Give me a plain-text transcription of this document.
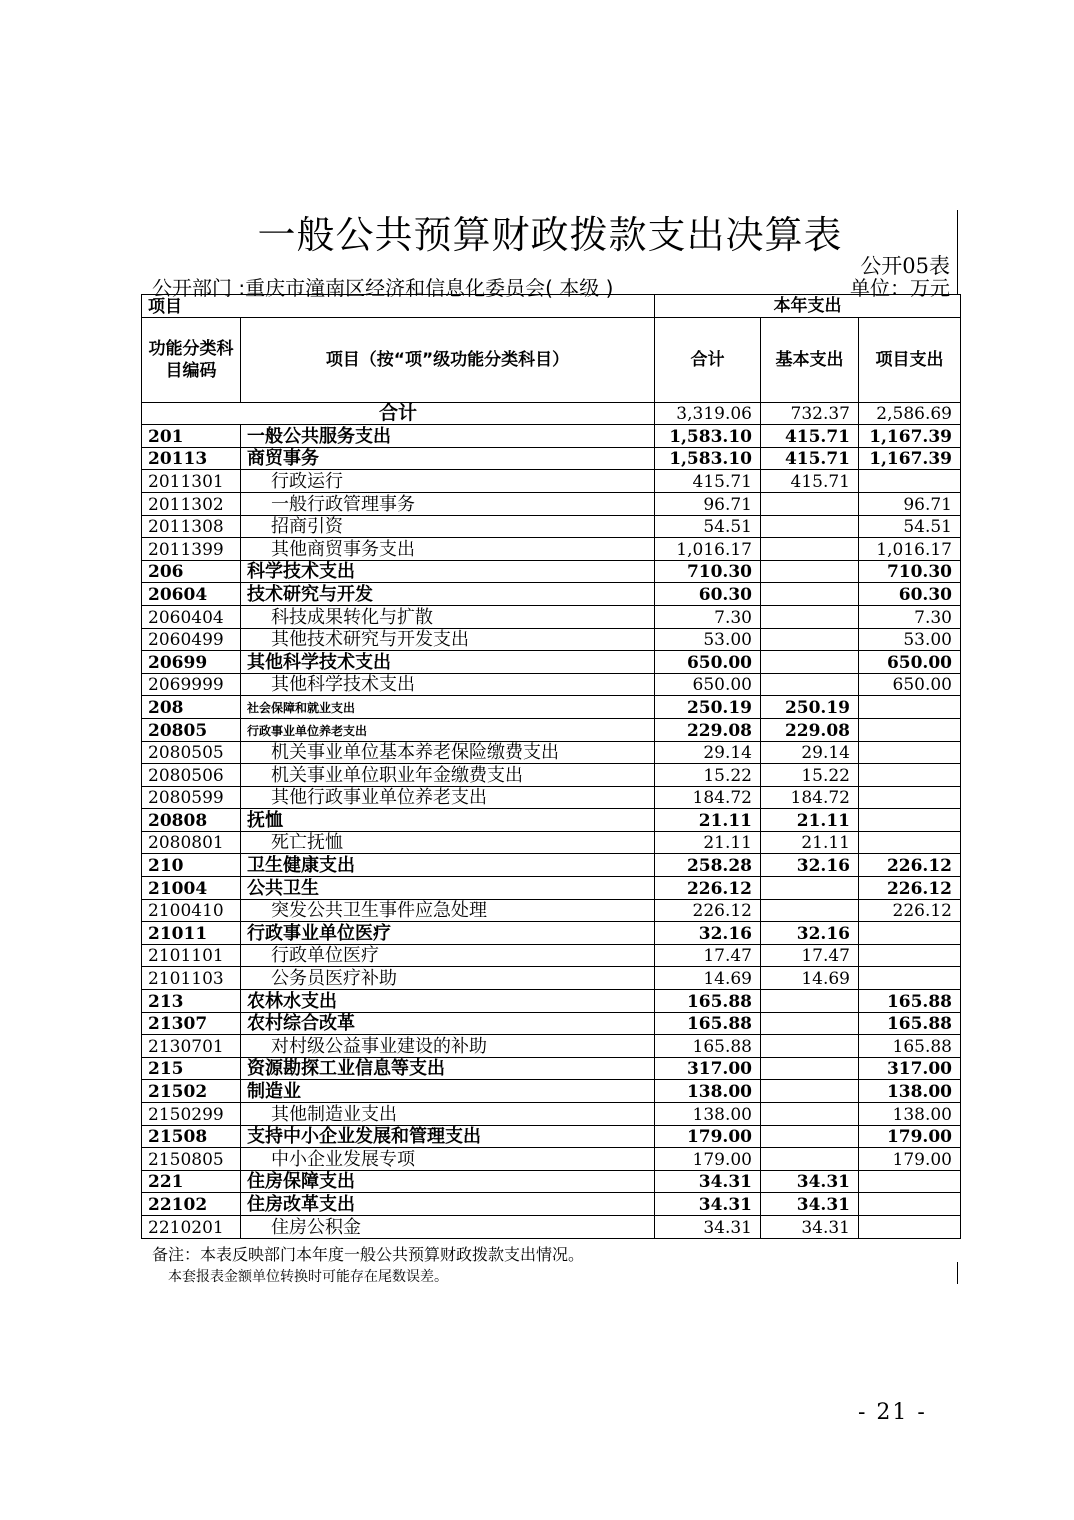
一般公共预算财政拨款支出决算表
公开05表
公开部门 :重庆市潼南区经济和信息化委员会( 本级 )	单位：万元
项目		本年支出		
功能分类科目编码	项目（按“项”级功能分类科目）	合计	基本支出	项目支出
合计		3,319.06	732.37	2,586.69
201	一般公共服务支出	1,583.10	415.71	1,167.39
20113	商贸事务	1,583.10	415.71	1,167.39
2011301	行政运行	415.71	415.71	
2011302	一般行政管理事务	96.71		96.71
2011308	招商引资	54.51		54.51
2011399	其他商贸事务支出	1,016.17		1,016.17
206	科学技术支出	710.30		710.30
20604	技术研究与开发	60.30		60.30
2060404	科技成果转化与扩散	7.30		7.30
2060499	其他技术研究与开发支出	53.00		53.00
20699	其他科学技术支出	650.00		650.00
2069999	其他科学技术支出	650.00		650.00
208	社会保障和就业支出	250.19	250.19	
20805	行政事业单位养老支出	229.08	229.08	
2080505	机关事业单位基本养老保险缴费支出	29.14	29.14	
2080506	机关事业单位职业年金缴费支出	15.22	15.22	
2080599	其他行政事业单位养老支出	184.72	184.72	
20808	抚恤	21.11	21.11	
2080801	死亡抚恤	21.11	21.11	
210	卫生健康支出	258.28	32.16	226.12
21004	公共卫生	226.12		226.12
2100410	突发公共卫生事件应急处理	226.12		226.12
21011	行政事业单位医疗	32.16	32.16	
2101101	行政单位医疗	17.47	17.47	
2101103	公务员医疗补助	14.69	14.69	
213	农林水支出	165.88		165.88
21307	农村综合改革	165.88		165.88
2130701	对村级公益事业建设的补助	165.88		165.88
215	资源勘探工业信息等支出	317.00		317.00
21502	制造业	138.00		138.00
2150299	其他制造业支出	138.00		138.00
21508	支持中小企业发展和管理支出	179.00		179.00
2150805	中小企业发展专项	179.00		179.00
221	住房保障支出	34.31	34.31	
22102	住房改革支出	34.31	34.31	
2210201	住房公积金	34.31	34.31	
备注：本表反映部门本年度一般公共预算财政拨款支出情况。
本套报表金额单位转换时可能存在尾数误差。
- 21 -
